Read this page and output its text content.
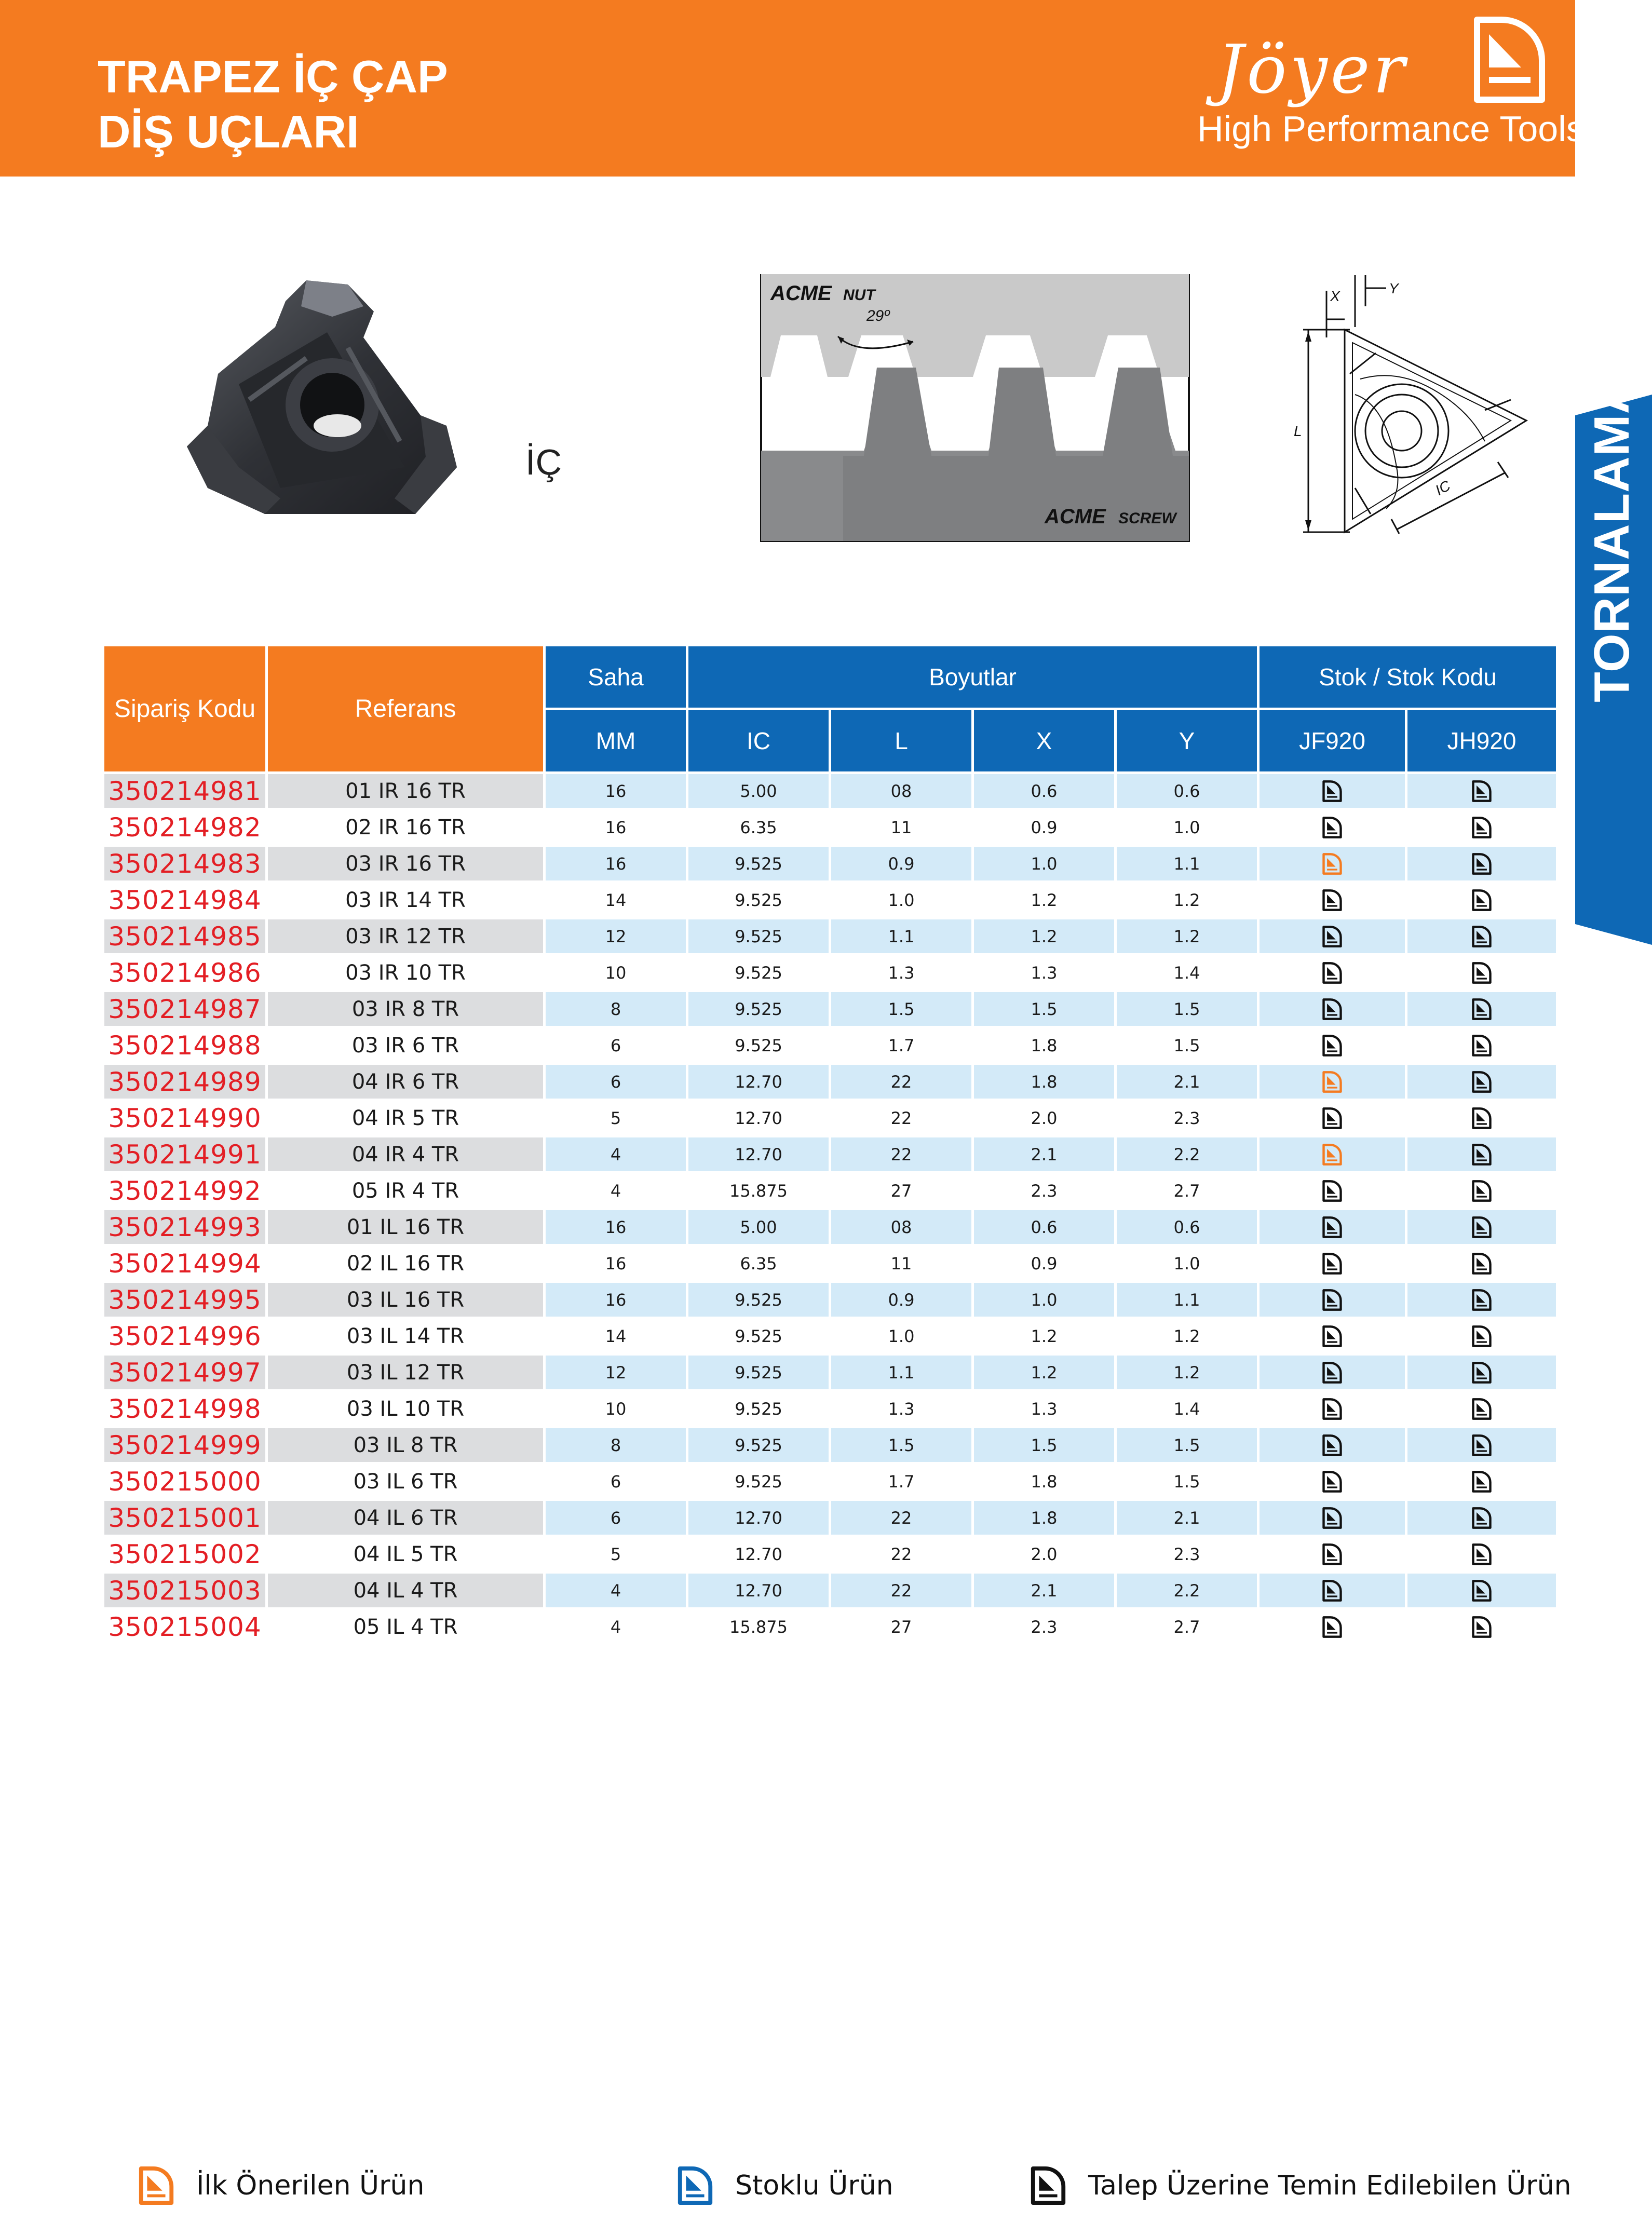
TRAPEZ İÇ ÇAP
DİŞ UÇLARI
Jöyer
High Performance Tools
TORNALAMA
İÇ
ACME NUT
29º
ACME SCREW
X	Y
L
IC
Sipariş Kodu	Referans	Saha	Boyutlar				Stok / Stok Kodu	
		MM	IC	L	X	Y	JF920	JH920
350214981	01 IR 16 TR	16	5.00	08	0.6	0.6		
350214982	02 IR 16 TR	16	6.35	11	0.9	1.0		
350214983	03 IR 16 TR	16	9.525	0.9	1.0	1.1		
350214984	03 IR 14 TR	14	9.525	1.0	1.2	1.2		
350214985	03 IR 12 TR	12	9.525	1.1	1.2	1.2		
350214986	03 IR 10 TR	10	9.525	1.3	1.3	1.4		
350214987	03 IR 8 TR	8	9.525	1.5	1.5	1.5		
350214988	03 IR 6 TR	6	9.525	1.7	1.8	1.5		
350214989	04 IR 6 TR	6	12.70	22	1.8	2.1		
350214990	04 IR 5 TR	5	12.70	22	2.0	2.3		
350214991	04 IR 4 TR	4	12.70	22	2.1	2.2		
350214992	05 IR 4 TR	4	15.875	27	2.3	2.7		
350214993	01 IL 16 TR	16	5.00	08	0.6	0.6		
350214994	02 IL 16 TR	16	6.35	11	0.9	1.0		
350214995	03 IL 16 TR	16	9.525	0.9	1.0	1.1		
350214996	03 IL 14 TR	14	9.525	1.0	1.2	1.2		
350214997	03 IL 12 TR	12	9.525	1.1	1.2	1.2		
350214998	03 IL 10 TR	10	9.525	1.3	1.3	1.4		
350214999	03 IL 8 TR	8	9.525	1.5	1.5	1.5		
350215000	03 IL 6 TR	6	9.525	1.7	1.8	1.5		
350215001	04 IL 6 TR	6	12.70	22	1.8	2.1		
350215002	04 IL 5 TR	5	12.70	22	2.0	2.3		
350215003	04 IL 4 TR	4	12.70	22	2.1	2.2		
350215004	05 IL 4 TR	4	15.875	27	2.3	2.7		
İlk Önerilen Ürün	Stoklu Ürün	Talep Üzerine Temin Edilebilen Ürün
